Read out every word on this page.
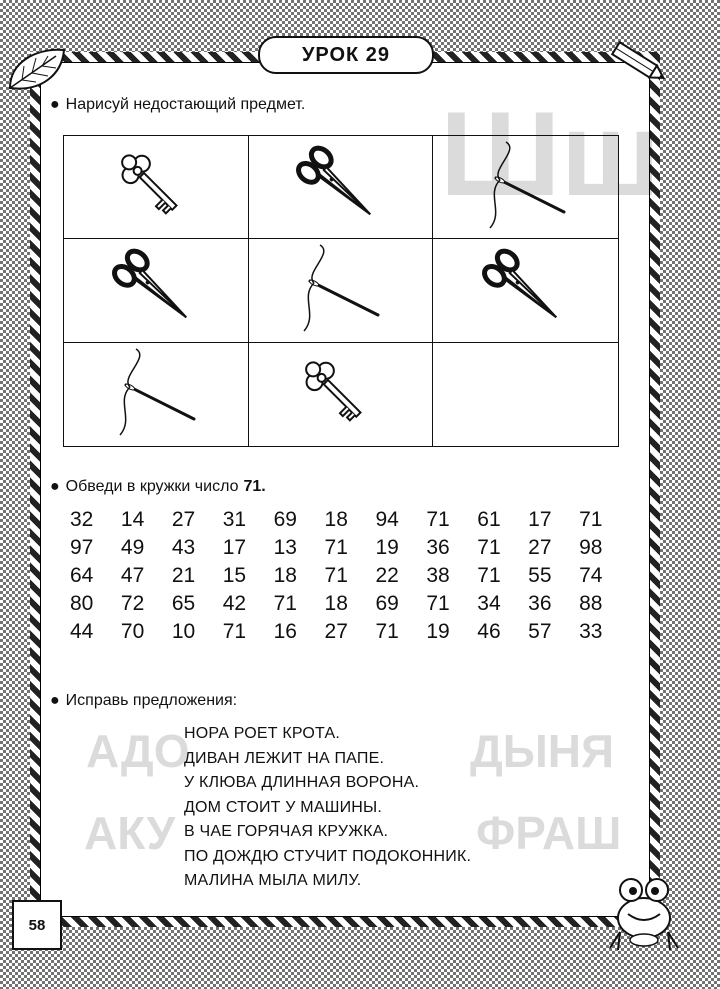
УРОК 29
● Нарисуй недостающий предмет.
● Обведи в кружки число 71.
32	14	27	31	69	18	94	71	61	17	71
97	49	43	17	13	71	19	36	71	27	98
64	47	21	15	18	71	22	38	71	55	74
80	72	65	42	71	18	69	71	34	36	88
44	70	10	71	16	27	71	19	46	57	33
● Исправь предложения:
НОРА РОЕТ КРОТА.
ДИВАН ЛЕЖИТ НА ПАПЕ.
У КЛЮВА ДЛИННАЯ ВОРОНА.
ДОМ СТОИТ У МАШИНЫ.
В ЧАЕ ГОРЯЧАЯ КРУЖКА.
ПО ДОЖДЮ СТУЧИТ ПОДОКОННИК.
МАЛИНА МЫЛА МИЛУ.
58
